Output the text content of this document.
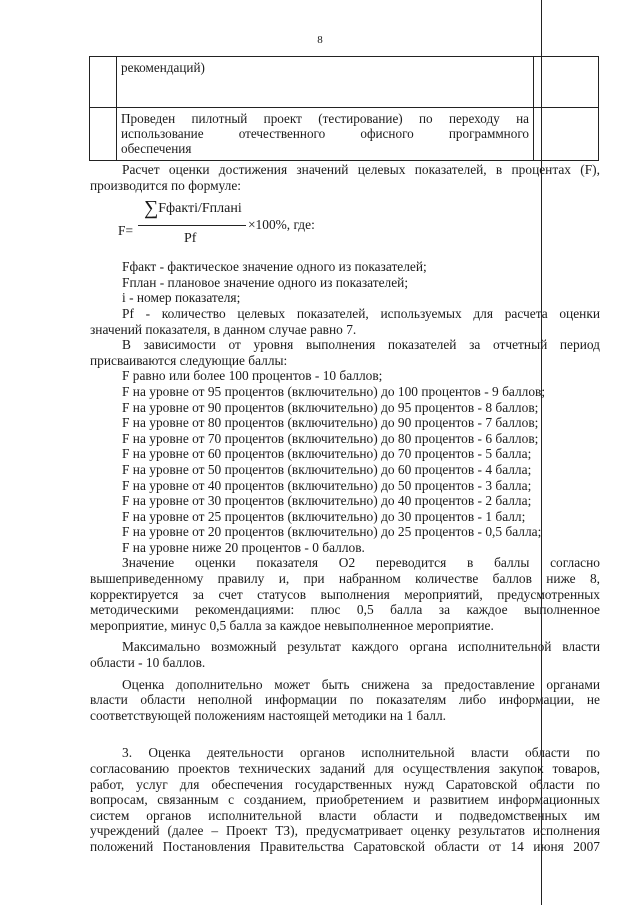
8
	рекомендаций)	

	Проведен пилотный проект (тестирование) по переходу на
использование отечественного офисного программного
обеспечения	

Расчет оценки достижения значений целевых показателей, в процентах (F),

производится по формуле:

F=
∑Fфактi/Fпланi
×100%, где:
Pf

Fфакт - фактическое значение одного из показателей;

Fплан - плановое значение одного из показателей;

i - номер показателя;

Pf - количество целевых показателей, используемых для расчета оценки

значений показателя, в данном случае равно 7.

В зависимости от уровня выполнения показателей за отчетный период

присваиваются следующие баллы:

F равно или более 100 процентов - 10 баллов;

F на уровне от 95 процентов (включительно) до 100 процентов - 9 баллов;

F на уровне от 90 процентов (включительно) до 95 процентов - 8 баллов;

F на уровне от 80 процентов (включительно) до 90 процентов - 7 баллов;

F на уровне от 70 процентов (включительно) до 80 процентов - 6 баллов;

F на уровне от 60 процентов (включительно) до 70 процентов - 5 балла;

F на уровне от 50 процентов (включительно) до 60 процентов - 4 балла;

F на уровне от 40 процентов (включительно) до 50 процентов - 3 балла;

F на уровне от 30 процентов (включительно) до 40 процентов - 2 балла;

F на уровне от 25 процентов (включительно) до 30 процентов - 1 балл;

F на уровне от 20 процентов (включительно) до 25 процентов - 0,5 балла;

F на уровне ниже 20 процентов - 0 баллов.

Значение оценки показателя О2 переводится в баллы согласно

вышеприведенному правилу и, при набранном количестве баллов ниже 8,

корректируется за счет статусов выполнения мероприятий, предусмотренных

методическими рекомендациями: плюс 0,5 балла за каждое выполненное

мероприятие, минус 0,5 балла за каждое невыполненное мероприятие.

Максимально возможный результат каждого органа исполнительной власти

области - 10 баллов.

Оценка дополнительно может быть снижена за предоставление органами

власти области неполной информации по показателям либо информации, не

соответствующей положениям настоящей методики на 1 балл.

3. Оценка деятельности органов исполнительной власти области по

согласованию проектов технических заданий для осуществления закупок товаров,

работ, услуг для обеспечения государственных нужд Саратовской области по

вопросам, связанным с созданием, приобретением и развитием информационных

систем органов исполнительной власти области и подведомственных им

учреждений (далее – Проект ТЗ), предусматривает оценку результатов исполнения

положений Постановления Правительства Саратовской области от 14 июня 2007
